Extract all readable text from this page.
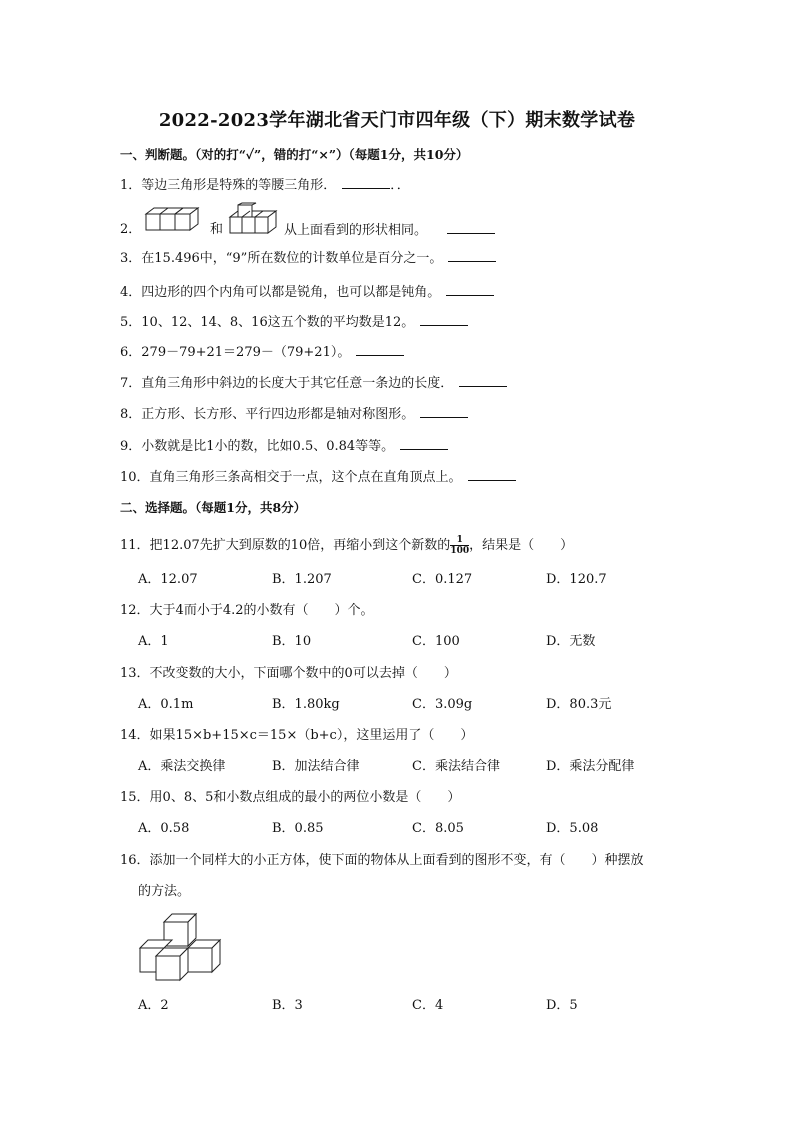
2022-2023学年湖北省天门市四年级（下）期末数学试卷
一、判断题。（对的打“✓”，错的打“×”）（每题1分，共10分）
1．等边三角形是特殊的等腰三角形．	．．
2．	和	从上面看到的形状相同。
3．在15.496中，“9”所在数位的计数单位是百分之一。
4．四边形的四个内角可以都是锐角，也可以都是钝角。
5．10、12、14、8、16这五个数的平均数是12。
6．279－79+21＝279－（79+21）。
7．直角三角形中斜边的长度大于其它任意一条边的长度．
8．正方形、长方形、平行四边形都是轴对称图形。
9．小数就是比1小的数，比如0.5、0.84等等。
10．直角三角形三条高相交于一点，这个点在直角顶点上。
二、选择题。（每题1分，共8分）
11．把12.07先扩大到原数的10倍，再缩小到这个新数的 $\frac{1}{100}$ ，结果是（　　）
A．12.07	B．1.207	C．0.127	D．120.7
12．大于4而小于4.2的小数有（　　）个。
A．1	B．10	C．100	D．无数
13．不改变数的大小，下面哪个数中的0可以去掉（　　）
A．0.1m	B．1.80kg	C．3.09g	D．80.3元
14．如果15×b+15×c＝15×（b+c），这里运用了（　　）
A．乘法交换律	B．加法结合律	C．乘法结合律	D．乘法分配律
15．用0、8、5和小数点组成的最小的两位小数是（　　）
A．0.58	B．0.85	C．8.05	D．5.08
16．添加一个同样大的小正方体，使下面的物体从上面看到的图形不变，有（　　）种摆放
的方法。
A．2	B．3	C．4	D．5
